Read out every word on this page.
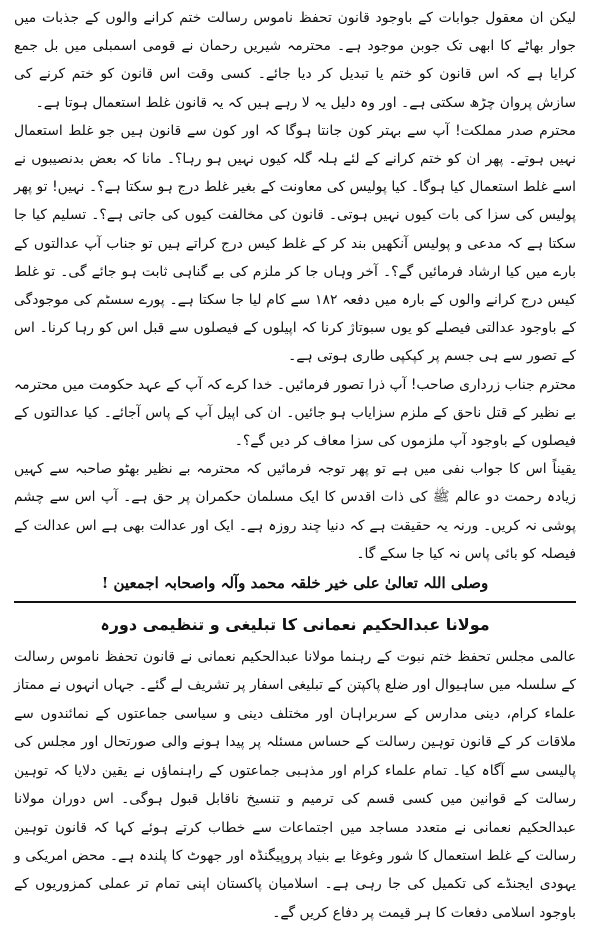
لیکن ان معقول جوابات کے باوجود قانون تحفظ ناموس رسالت ختم کرانے والوں کے جذبات میں جوار بھاٹے کا ابھی تک جوبن موجود ہے۔ محترمہ شیریں رحمان نے قومی اسمبلی میں بل جمع کرایا ہے کہ اس قانون کو ختم یا تبدیل کر دیا جائے۔ کسی وقت اس قانون کو ختم کرنے کی سازش پروان چڑھ سکتی ہے۔ اور وہ دلیل یہ لا رہے ہیں کہ یہ قانون غلط استعمال ہوتا ہے۔

محترم صدر مملکت! آپ سے بہتر کون جانتا ہوگا کہ اور کون سے قانون ہیں جو غلط استعمال نہیں ہوتے۔ پھر ان کو ختم کرانے کے لئے ہلہ گلہ کیوں نہیں ہو رہا؟۔ مانا کہ بعض بدنصیبوں نے اسے غلط استعمال کیا ہوگا۔ کیا پولیس کی معاونت کے بغیر غلط درج ہو سکتا ہے؟۔ نہیں! تو پھر پولیس کی سزا کی بات کیوں نہیں ہوتی۔ قانون کی مخالفت کیوں کی جاتی ہے؟۔ تسلیم کیا جا سکتا ہے کہ مدعی و پولیس آنکھیں بند کر کے غلط کیس درج کراتے ہیں تو جناب آپ عدالتوں کے بارے میں کیا ارشاد فرمائیں گے؟۔ آخر وہاں جا کر ملزم کی بے گناہی ثابت ہو جائے گی۔ تو غلط کیس درج کرانے والوں کے بارہ میں دفعہ ۱۸۲ سے کام لیا جا سکتا ہے۔ پورے سسٹم کی موجودگی کے باوجود عدالتی فیصلے کو یوں سبوتاژ کرنا کہ اپیلوں کے فیصلوں سے قبل اس کو رہا کرنا۔ اس کے تصور سے ہی جسم پر کپکپی طاری ہوتی ہے۔

محترم جناب زرداری صاحب! آپ ذرا تصور فرمائیں۔ خدا کرے کہ آپ کے عہد حکومت میں محترمہ بے نظیر کے قتل ناحق کے ملزم سزایاب ہو جائیں۔ ان کی اپیل آپ کے پاس آجائے۔ کیا عدالتوں کے فیصلوں کے باوجود آپ ملزموں کی سزا معاف کر دیں گے؟۔

یقیناً اس کا جواب نفی میں ہے تو پھر توجہ فرمائیں کہ محترمہ بے نظیر بھٹو صاحبہ سے کہیں زیادہ رحمت دو عالم ﷺ کی ذات اقدس کا ایک مسلمان حکمران پر حق ہے۔ آپ اس سے چشم پوشی نہ کریں۔ ورنہ یہ حقیقت ہے کہ دنیا چند روزہ ہے۔ ایک اور عدالت بھی ہے اس عدالت کے فیصلہ کو بائی پاس نہ کیا جا سکے گا۔

وصلی اللہ تعالیٰ علی خیر خلقہ محمد وآلہ واصحابہ اجمعین !

مولانا عبدالحکیم نعمانی کا تبلیغی و تنظیمی دورہ

عالمی مجلس تحفظ ختم نبوت کے رہنما مولانا عبدالحکیم نعمانی نے قانون تحفظ ناموس رسالت کے سلسلہ میں ساہیوال اور ضلع پاکپتن کے تبلیغی اسفار پر تشریف لے گئے۔ جہاں انہوں نے ممتاز علماء کرام، دینی مدارس کے سربراہان اور مختلف دینی و سیاسی جماعتوں کے نمائندوں سے ملاقات کر کے قانون توہین رسالت کے حساس مسئلہ پر پیدا ہونے والی صورتحال اور مجلس کی پالیسی سے آگاہ کیا۔ تمام علماء کرام اور مذہبی جماعتوں کے راہنماؤں نے یقین دلایا کہ توہین رسالت کے قوانین میں کسی قسم کی ترمیم و تنسیخ ناقابل قبول ہوگی۔ اس دوران مولانا عبدالحکیم نعمانی نے متعدد مساجد میں اجتماعات سے خطاب کرتے ہوئے کہا کہ قانون توہین رسالت کے غلط استعمال کا شور وغوغا بے بنیاد پروپیگنڈہ اور جھوٹ کا پلندہ ہے۔ محض امریکی و یہودی ایجنڈے کی تکمیل کی جا رہی ہے۔ اسلامیان پاکستان اپنی تمام تر عملی کمزوریوں کے باوجود اسلامی دفعات کا ہر قیمت پر دفاع کریں گے۔
